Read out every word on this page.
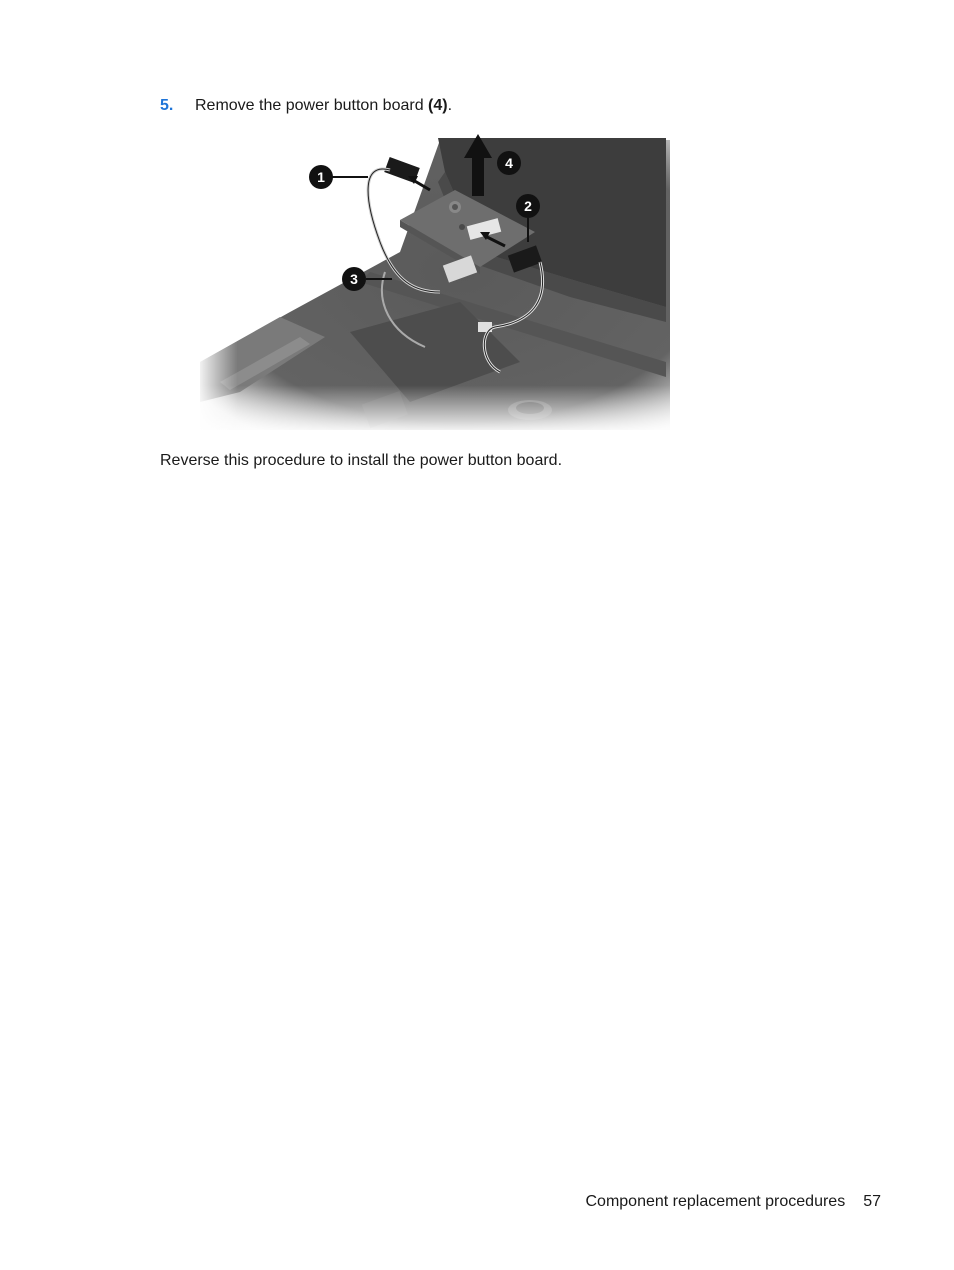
5. Remove the power button board (4).
1
2
3
4
Reverse this procedure to install the power button board.
Component replacement procedures 57
